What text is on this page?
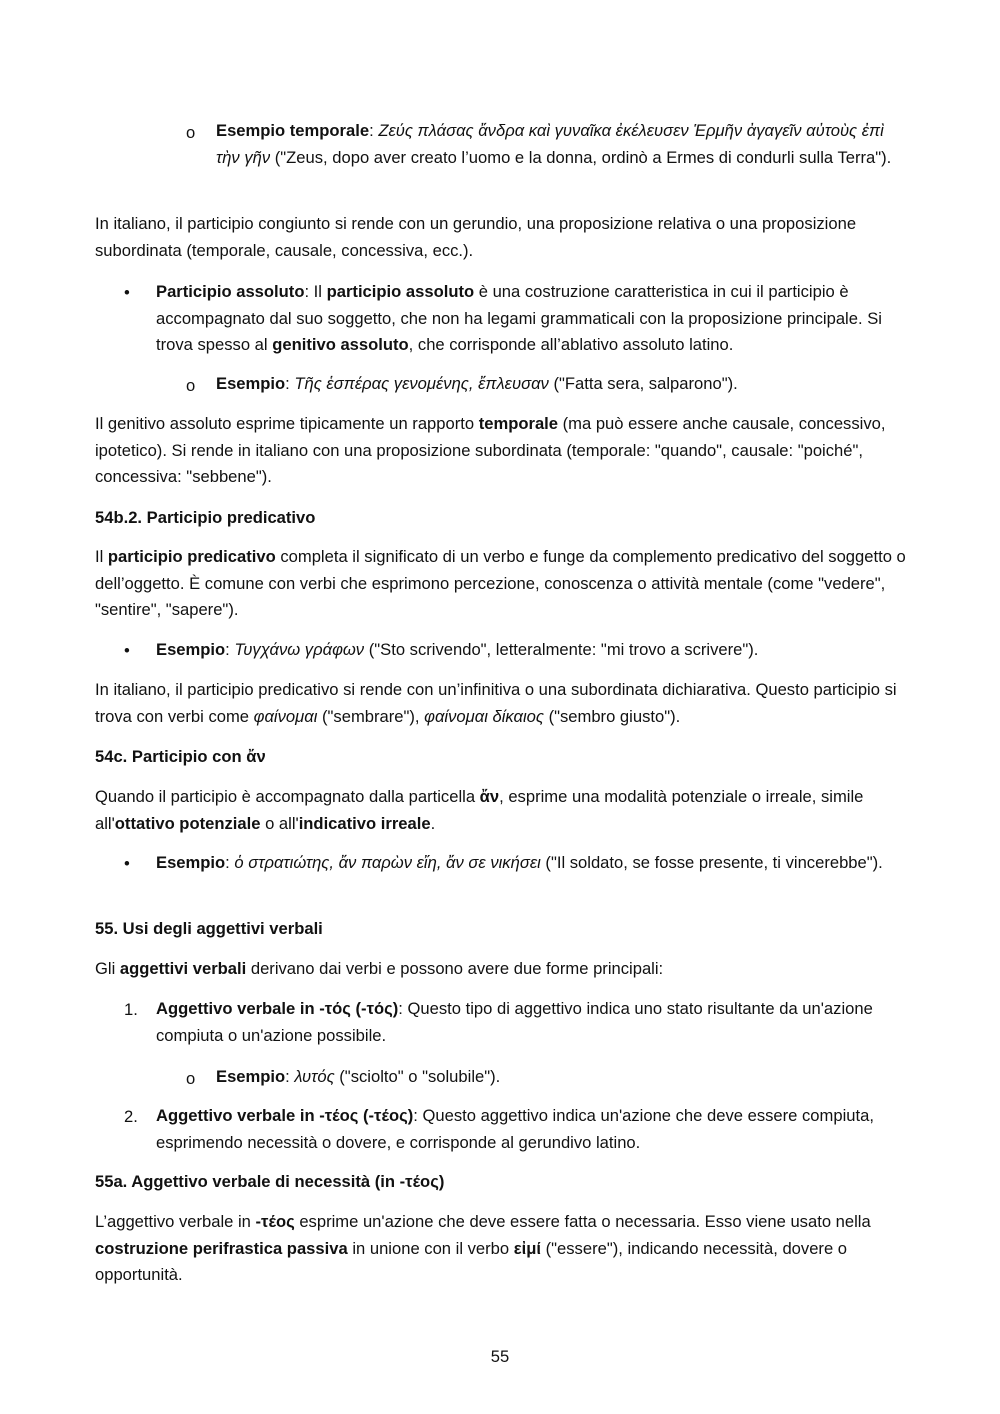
o Esempio temporale: Ζεύς πλάσας ἄνδρα καὶ γυναῖκα ἐκέλευσεν Ἑρμῆν ἀγαγεῖν αὐτοὺς ἐπὶ τὴν γῆν ("Zeus, dopo aver creato l’uomo e la donna, ordinò a Ermes di condurli sulla Terra").

In italiano, il participio congiunto si rende con un gerundio, una proposizione relativa o una proposizione subordinata (temporale, causale, concessiva, ecc.).

• Participio assoluto: Il participio assoluto è una costruzione caratteristica in cui il participio è accompagnato dal suo soggetto, che non ha legami grammaticali con la proposizione principale. Si trova spesso al genitivo assoluto, che corrisponde all’ablativo assoluto latino.

o Esempio: Τῆς ἑσπέρας γενομένης, ἔπλευσαν ("Fatta sera, salparono").

Il genitivo assoluto esprime tipicamente un rapporto temporale (ma può essere anche causale, concessivo, ipotetico). Si rende in italiano con una proposizione subordinata (temporale: "quando", causale: "poiché", concessiva: "sebbene").

54b.2. Participio predicativo

Il participio predicativo completa il significato di un verbo e funge da complemento predicativo del soggetto o dell’oggetto. È comune con verbi che esprimono percezione, conoscenza o attività mentale (come "vedere", "sentire", "sapere").

• Esempio: Τυγχάνω γράφων ("Sto scrivendo", letteralmente: "mi trovo a scrivere").

In italiano, il participio predicativo si rende con un’infinitiva o una subordinata dichiarativa. Questo participio si trova con verbi come φαίνομαι ("sembrare"), φαίνομαι δίκαιος ("sembro giusto").

54c. Participio con ἄν

Quando il participio è accompagnato dalla particella ἄν, esprime una modalità potenziale o irreale, simile all'ottativo potenziale o all'indicativo irreale.

• Esempio: ὁ στρατιώτης, ἄν παρὼν εἴη, ἄν σε νικήσει ("Il soldato, se fosse presente, ti vincerebbe").

55. Usi degli aggettivi verbali

Gli aggettivi verbali derivano dai verbi e possono avere due forme principali:

1. Aggettivo verbale in -τός (-τός): Questo tipo di aggettivo indica uno stato risultante da un'azione compiuta o un'azione possibile.

o Esempio: λυτός ("sciolto" o "solubile").

2. Aggettivo verbale in -τέος (-τέος): Questo aggettivo indica un'azione che deve essere compiuta, esprimendo necessità o dovere, e corrisponde al gerundivo latino.

55a. Aggettivo verbale di necessità (in -τέος)

L’aggettivo verbale in -τέος esprime un'azione che deve essere fatta o necessaria. Esso viene usato nella costruzione perifrastica passiva in unione con il verbo εἰμί ("essere"), indicando necessità, dovere o opportunità.

55
